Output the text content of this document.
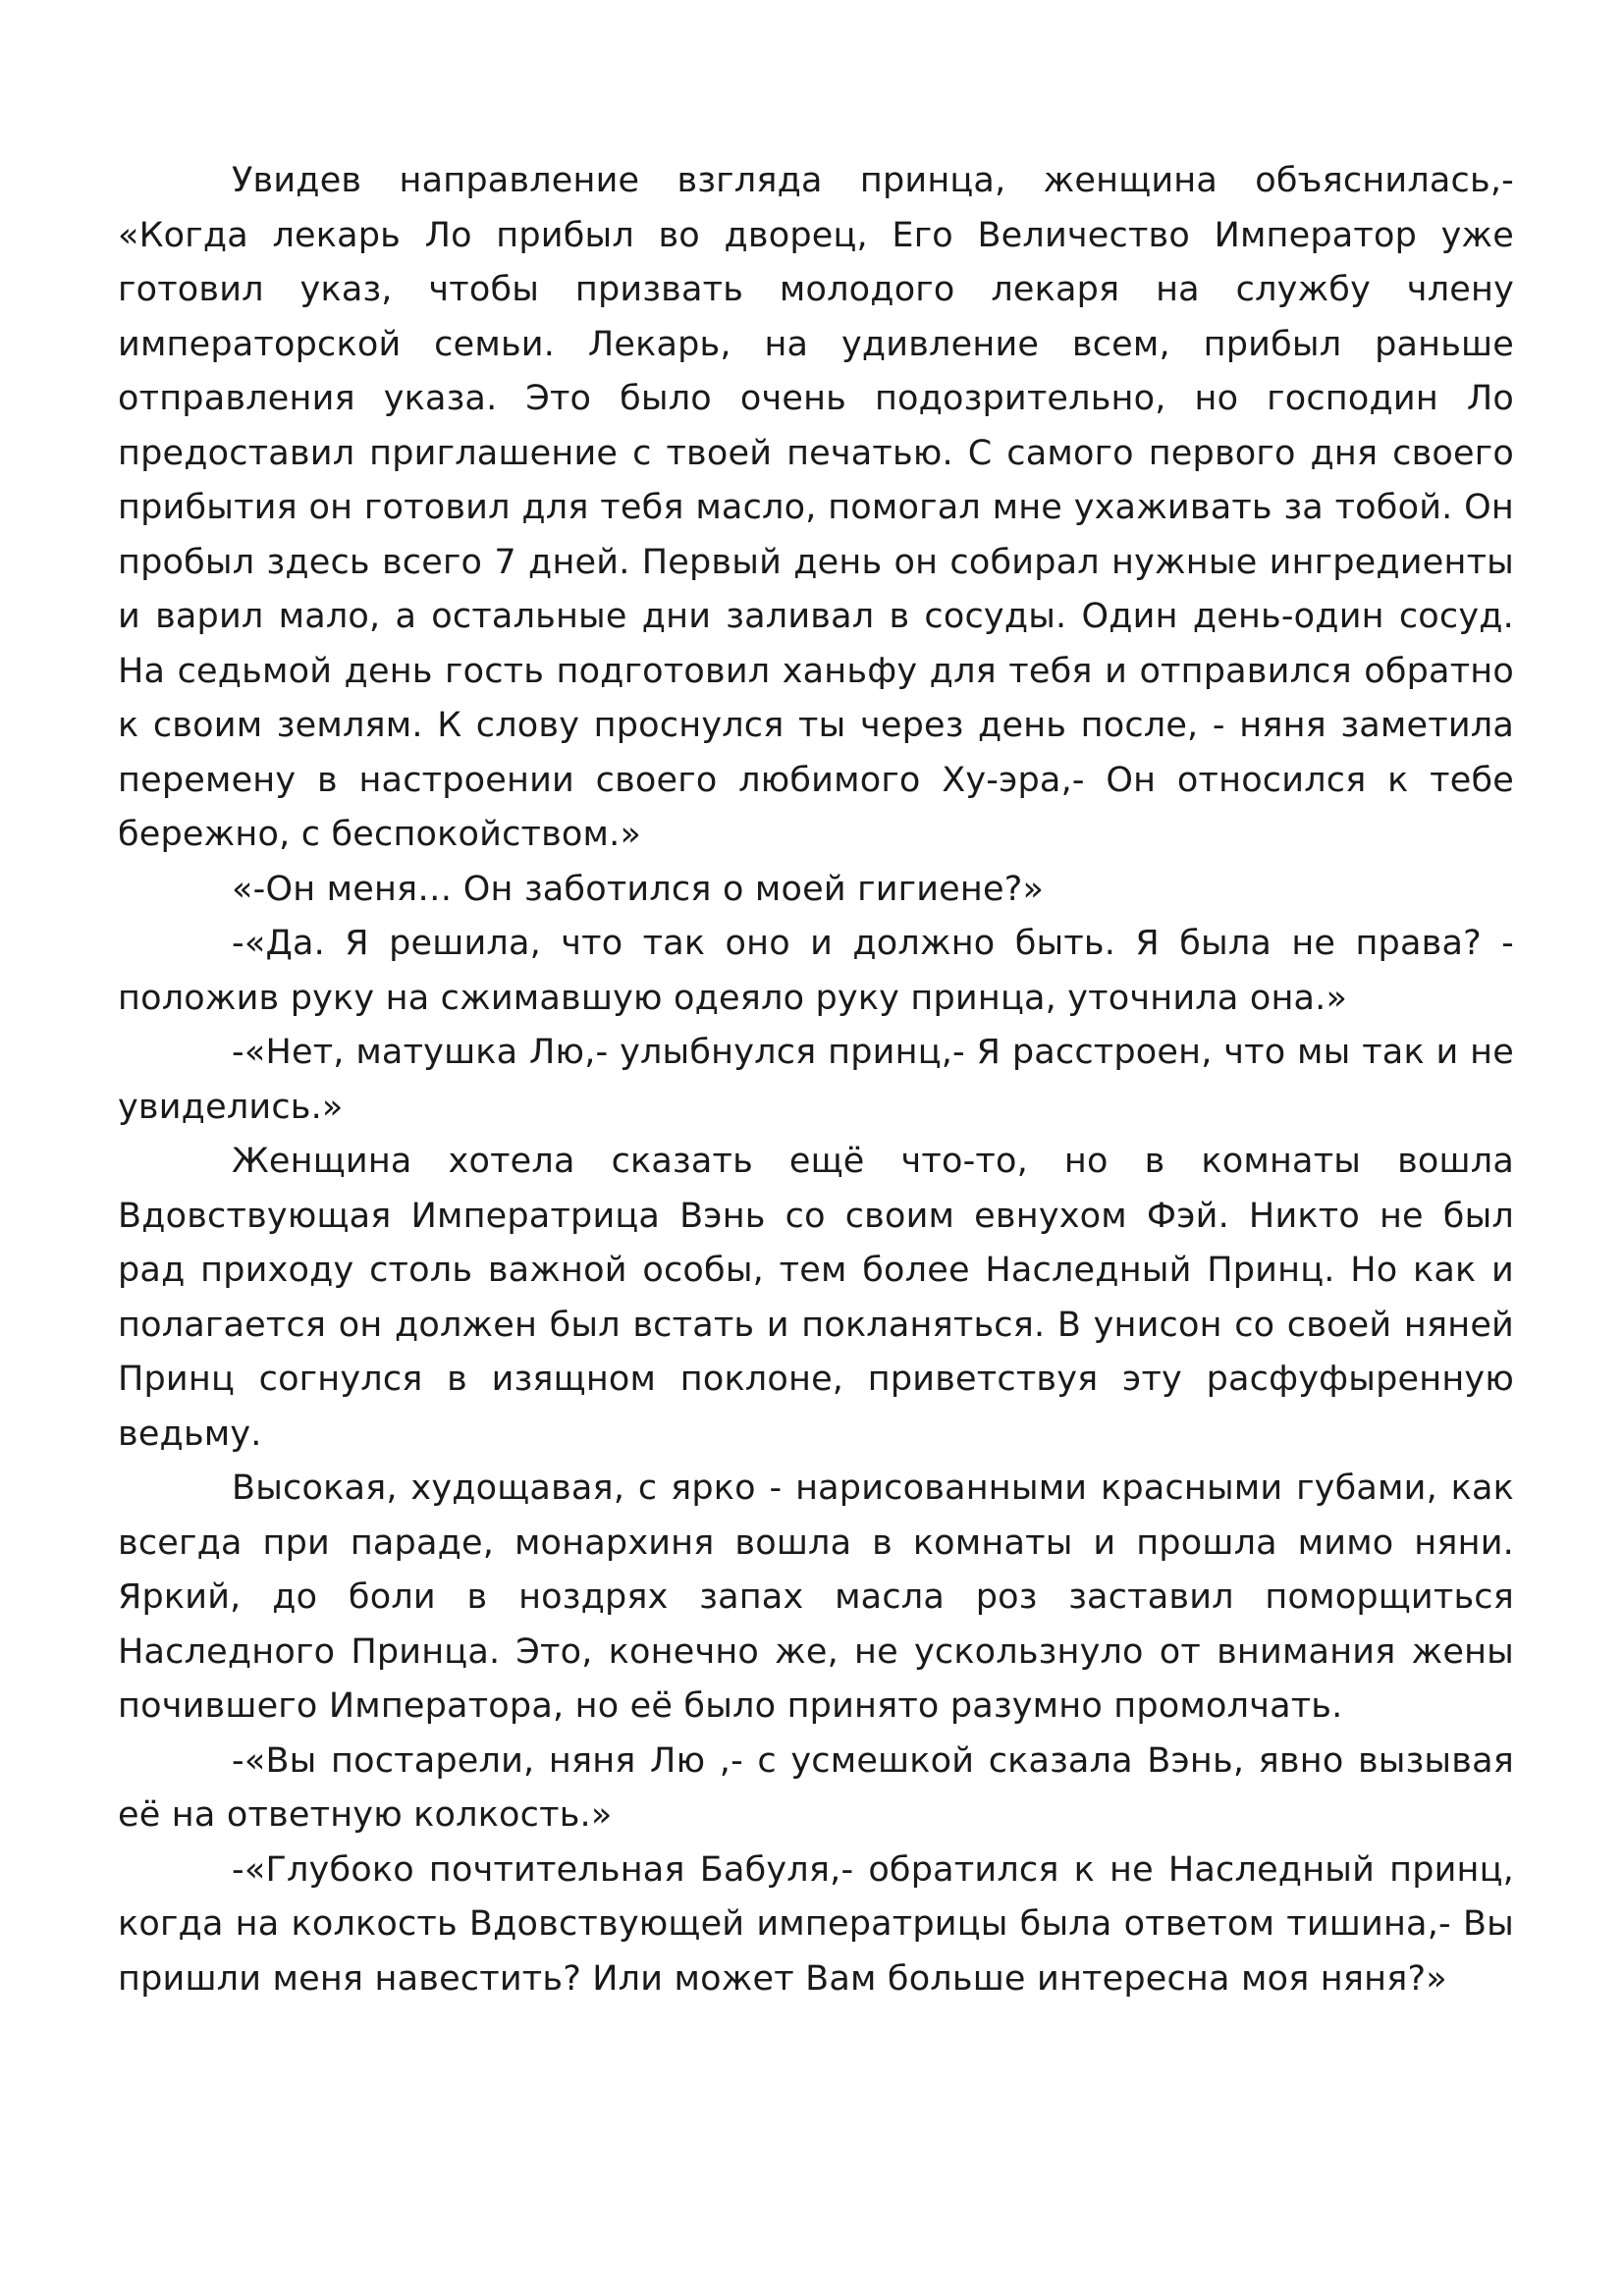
Увидев направление взгляда принца, женщина объяснилась,- «Когда лекарь Ло прибыл во дворец, Его Величество Император уже готовил указ, чтобы призвать молодого лекаря на службу члену императорской семьи. Лекарь, на удивление всем, прибыл раньше отправления указа. Это было очень подозрительно, но господин Ло предоставил приглашение с твоей печатью. С самого первого дня своего прибытия он готовил для тебя масло, помогал мне ухаживать за тобой. Он пробыл здесь всего 7 дней. Первый день он собирал нужные ингредиенты и варил мало, а остальные дни заливал в сосуды. Один день-один сосуд. На седьмой день гость подготовил ханьфу для тебя и отправился обратно к своим землям. К слову проснулся ты через день после, - няня заметила перемену в настроении своего любимого Ху-эра,- Он относился к тебе бережно, с беспокойством.»

«-Он меня… Он заботился о моей гигиене?»

-«Да. Я решила, что так оно и должно быть. Я была не права? - положив руку на сжимавшую одеяло руку принца, уточнила она.»

-«Нет, матушка Лю,- улыбнулся принц,- Я расстроен, что мы так и не увиделись.»

Женщина хотела сказать ещё что-то, но в комнаты вошла Вдовствующая Императрица Вэнь со своим евнухом Фэй. Никто не был рад приходу столь важной особы, тем более Наследный Принц. Но как и полагается он должен был встать и покланяться. В унисон со своей няней Принц согнулся в изящном поклоне, приветствуя эту расфуфыренную ведьму.

Высокая, худощавая, с ярко - нарисованными красными губами, как всегда при параде, монархиня вошла в комнаты и прошла мимо няни. Яркий, до боли в ноздрях запах масла роз заставил поморщиться Наследного Принца. Это, конечно же, не ускользнуло от внимания жены почившего Императора, но её было принято разумно промолчать.

-«Вы постарели, няня Лю ,- с усмешкой сказала Вэнь, явно вызывая её на ответную колкость.»

-«Глубоко почтительная Бабуля,- обратился к не Наследный принц, когда на колкость Вдовствующей императрицы была ответом тишина,- Вы пришли меня навестить? Или может Вам больше интересна моя няня?»
